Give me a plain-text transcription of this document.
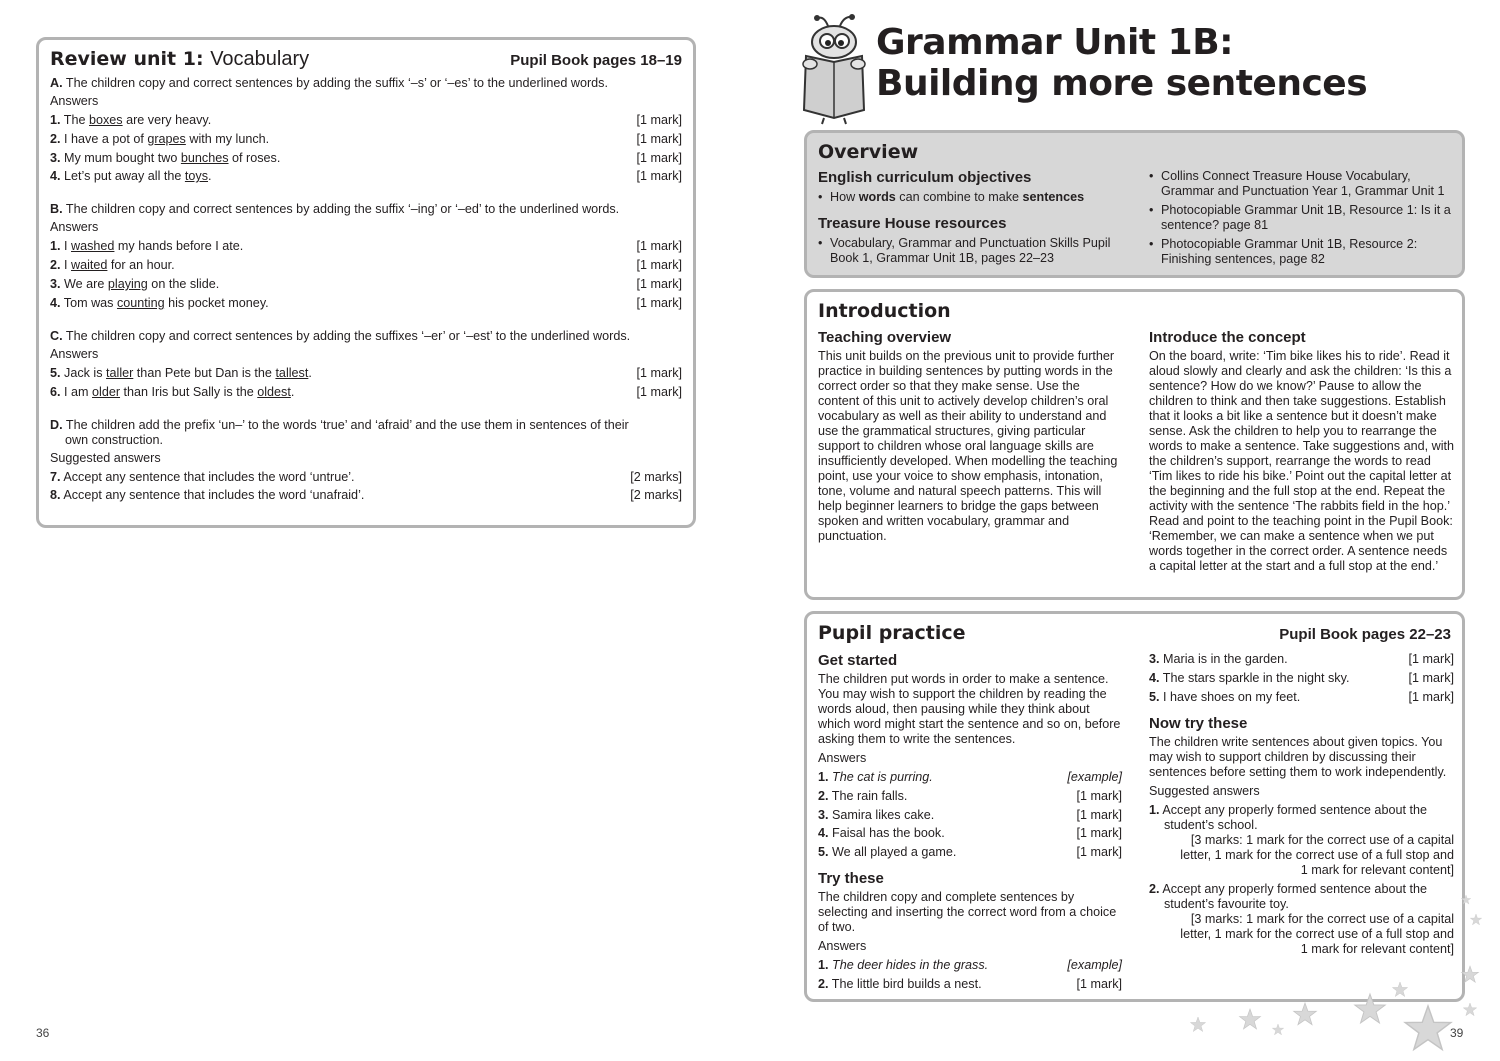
Review unit 1: Vocabulary	Pupil Book pages 18–19
A. The children copy and correct sentences by adding the suffix ‘–s’ or ‘–es’ to the underlined words.
Answers
1. The boxes are very heavy.	[1 mark]
2. I have a pot of grapes with my lunch.	[1 mark]
3. My mum bought two bunches of roses.	[1 mark]
4. Let’s put away all the toys.	[1 mark]
B. The children copy and correct sentences by adding the suffix ‘–ing’ or ‘–ed’ to the underlined words.
Answers
1. I washed my hands before I ate.	[1 mark]
2. I waited for an hour.	[1 mark]
3. We are playing on the slide.	[1 mark]
4. Tom was counting his pocket money.	[1 mark]
C. The children copy and correct sentences by adding the suffixes ‘–er’ or ‘–est’ to the underlined words.
Answers
5. Jack is taller than Pete but Dan is the tallest.	[1 mark]
6. I am older than Iris but Sally is the oldest.	[1 mark]
D. The children add the prefix ‘un–’ to the words ‘true’ and ‘afraid’ and the use them in sentences of their own construction.
Suggested answers
7. Accept any sentence that includes the word ‘untrue’.	[2 marks]
8. Accept any sentence that includes the word ‘unafraid’.	[2 marks]
36
Grammar Unit 1B:
Building more sentences
Overview
English curriculum objectives
• How words can combine to make sentences
Treasure House resources
• Vocabulary, Grammar and Punctuation Skills Pupil Book 1, Grammar Unit 1B, pages 22–23
• Collins Connect Treasure House Vocabulary, Grammar and Punctuation Year 1, Grammar Unit 1
• Photocopiable Grammar Unit 1B, Resource 1: Is it a sentence? page 81
• Photocopiable Grammar Unit 1B, Resource 2: Finishing sentences, page 82
Introduction
Teaching overview
This unit builds on the previous unit to provide further practice in building sentences by putting words in the correct order so that they make sense. Use the content of this unit to actively develop children’s oral vocabulary as well as their ability to understand and use the grammatical structures, giving particular support to children whose oral language skills are insufficiently developed. When modelling the teaching point, use your voice to show emphasis, intonation, tone, volume and natural speech patterns. This will help beginner learners to bridge the gaps between spoken and written vocabulary, grammar and punctuation.
Introduce the concept
On the board, write: ‘Tim bike likes his to ride’. Read it aloud slowly and clearly and ask the children: ‘Is this a sentence? How do we know?’ Pause to allow the children to think and then take suggestions. Establish that it looks a bit like a sentence but it doesn’t make sense. Ask the children to help you to rearrange the words to make a sentence. Take suggestions and, with the children’s support, rearrange the words to read ‘Tim likes to ride his bike.’ Point out the capital letter at the beginning and the full stop at the end. Repeat the activity with the sentence ‘The rabbits field in the hop.’ Read and point to the teaching point in the Pupil Book: ‘Remember, we can make a sentence when we put words together in the correct order. A sentence needs a capital letter at the start and a full stop at the end.’
Pupil practice	Pupil Book pages 22–23
Get started
The children put words in order to make a sentence. You may wish to support the children by reading the words aloud, then pausing while they think about which word might start the sentence and so on, before asking them to write the sentences.
Answers
1. The cat is purring.	[example]
2. The rain falls.	[1 mark]
3. Samira likes cake.	[1 mark]
4. Faisal has the book.	[1 mark]
5. We all played a game.	[1 mark]
Try these
The children copy and complete sentences by selecting and inserting the correct word from a choice of two.
Answers
1. The deer hides in the grass.	[example]
2. The little bird builds a nest.	[1 mark]
3. Maria is in the garden.	[1 mark]
4. The stars sparkle in the night sky.	[1 mark]
5. I have shoes on my feet.	[1 mark]
Now try these
The children write sentences about given topics. You may wish to support children by discussing their sentences before setting them to work independently.
Suggested answers
1. Accept any properly formed sentence about the student’s school.
[3 marks: 1 mark for the correct use of a capital letter, 1 mark for the correct use of a full stop and 1 mark for relevant content]
2. Accept any properly formed sentence about the student’s favourite toy.
[3 marks: 1 mark for the correct use of a capital letter, 1 mark for the correct use of a full stop and 1 mark for relevant content]
39
